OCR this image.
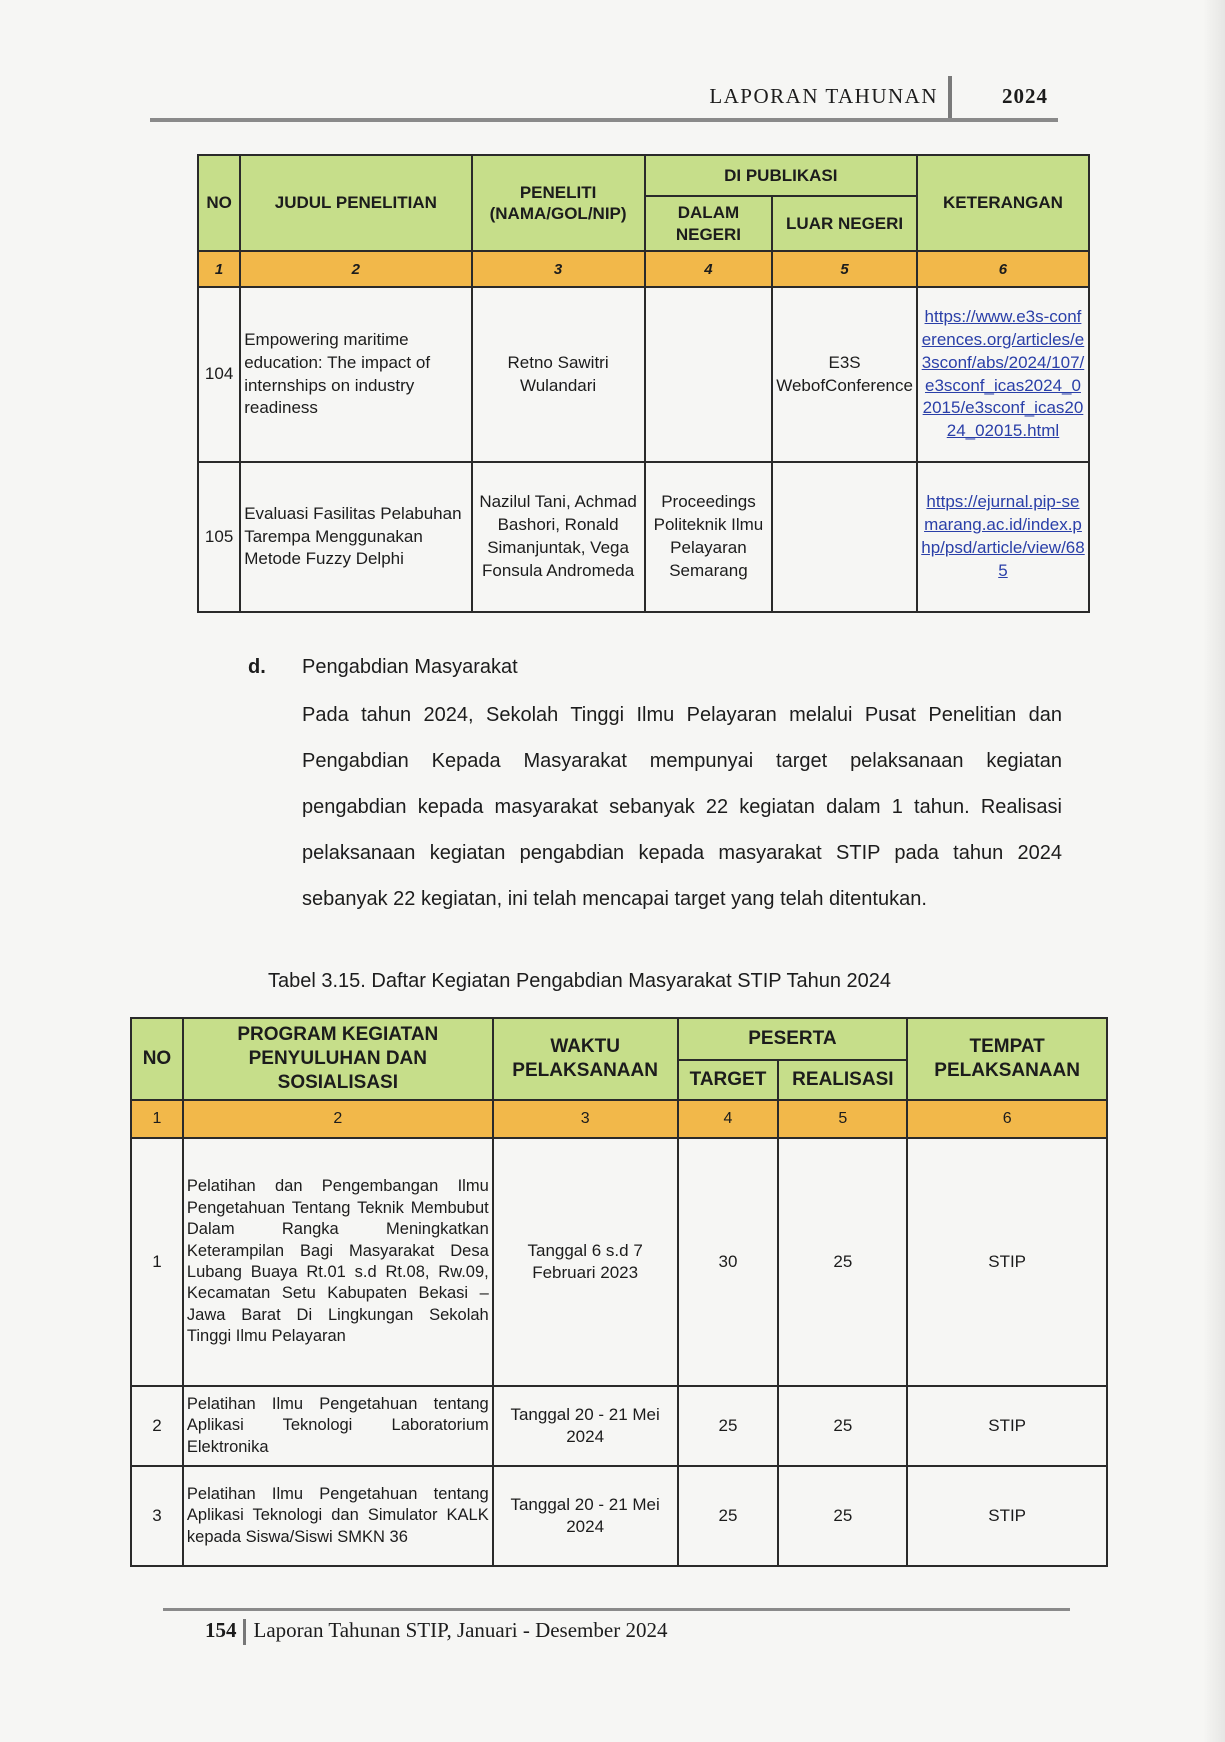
LAPORAN TAHUNAN	2024
NO	JUDUL PENELITIAN	PENELITI (NAMA/GOL/NIP)	DI PUBLIKASI		KETERANGAN
			DALAM NEGERI	LUAR NEGERI	
1	2	3	4	5	6
104	Empowering maritime education: The impact of internships on industry readiness	Retno Sawitri Wulandari		E3S WebofConference	https://www.e3s-conferences.org/articles/e3sconf/abs/2024/107/e3sconf_icas2024_02015/e3sconf_icas2024_02015.html
105	Evaluasi Fasilitas Pelabuhan Tarempa Menggunakan Metode Fuzzy Delphi	Nazilul Tani, Achmad Bashori, Ronald Simanjuntak, Vega Fonsula Andromeda	Proceedings Politeknik Ilmu Pelayaran Semarang		https://ejurnal.pip-semarang.ac.id/index.php/psd/article/view/685
d. Pengabdian Masyarakat
Pada tahun 2024, Sekolah Tinggi Ilmu Pelayaran melalui Pusat Penelitian dan Pengabdian Kepada Masyarakat mempunyai target pelaksanaan kegiatan pengabdian kepada masyarakat sebanyak 22 kegiatan dalam 1 tahun. Realisasi pelaksanaan kegiatan pengabdian kepada masyarakat STIP pada tahun 2024 sebanyak 22 kegiatan, ini telah mencapai target yang telah ditentukan.
Tabel 3.15. Daftar Kegiatan Pengabdian Masyarakat STIP Tahun 2024
NO	PROGRAM KEGIATAN PENYULUHAN DAN SOSIALISASI	WAKTU PELAKSANAAN	PESERTA		TEMPAT PELAKSANAAN
			TARGET	REALISASI	
1	2	3	4	5	6
1	Pelatihan dan Pengembangan Ilmu Pengetahuan Tentang Teknik Membubut Dalam Rangka Meningkatkan Keterampilan Bagi Masyarakat Desa Lubang Buaya Rt.01 s.d Rt.08, Rw.09, Kecamatan Setu Kabupaten Bekasi – Jawa Barat Di Lingkungan Sekolah Tinggi Ilmu Pelayaran	Tanggal 6 s.d 7 Februari 2023	30	25	STIP
2	Pelatihan Ilmu Pengetahuan tentang Aplikasi Teknologi Laboratorium Elektronika	Tanggal 20 - 21 Mei 2024	25	25	STIP
3	Pelatihan Ilmu Pengetahuan tentang Aplikasi Teknologi dan Simulator KALK kepada Siswa/Siswi SMKN 36	Tanggal 20 - 21 Mei 2024	25	25	STIP
154 Laporan Tahunan STIP, Januari - Desember 2024
